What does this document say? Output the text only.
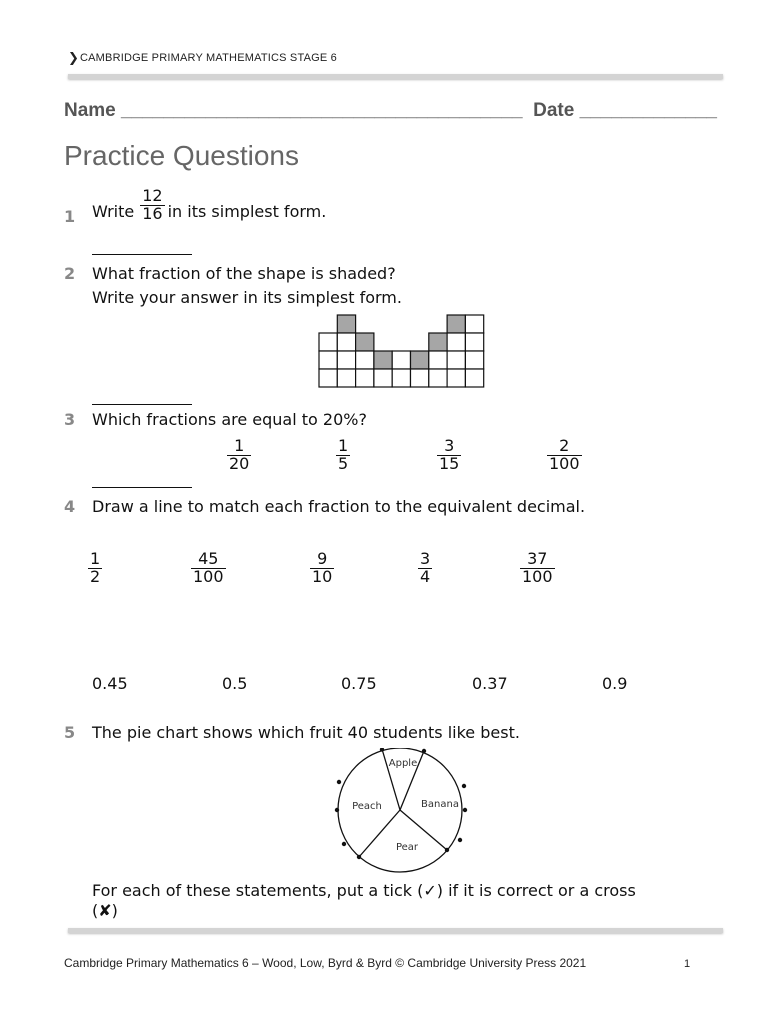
❯ CAMBRIDGE PRIMARY MATHEMATICS STAGE 6
Name ______________________________________ Date _____________
Practice Questions
1 Write $\frac{12}{16}$ in its simplest form.
2 What fraction of the shape is shaded?
Write your answer in its simplest form.
3 Which fractions are equal to 20%?
$\frac{1}{20}$	$\frac{1}{5}$	$\frac{3}{15}$	$\frac{2}{100}$
4 Draw a line to match each fraction to the equivalent decimal.
$\frac{1}{2}$	$\frac{45}{100}$	$\frac{9}{10}$	$\frac{3}{4}$	$\frac{37}{100}$
0.45	0.5	0.75	0.37	0.9
5 The pie chart shows which fruit 40 students like best.
Apple
Banana
Peach
Pear
For each of these statements, put a tick (✓) if it is correct or a cross
(✘)
Cambridge Primary Mathematics 6 – Wood, Low, Byrd & Byrd © Cambridge University Press 2021	1
